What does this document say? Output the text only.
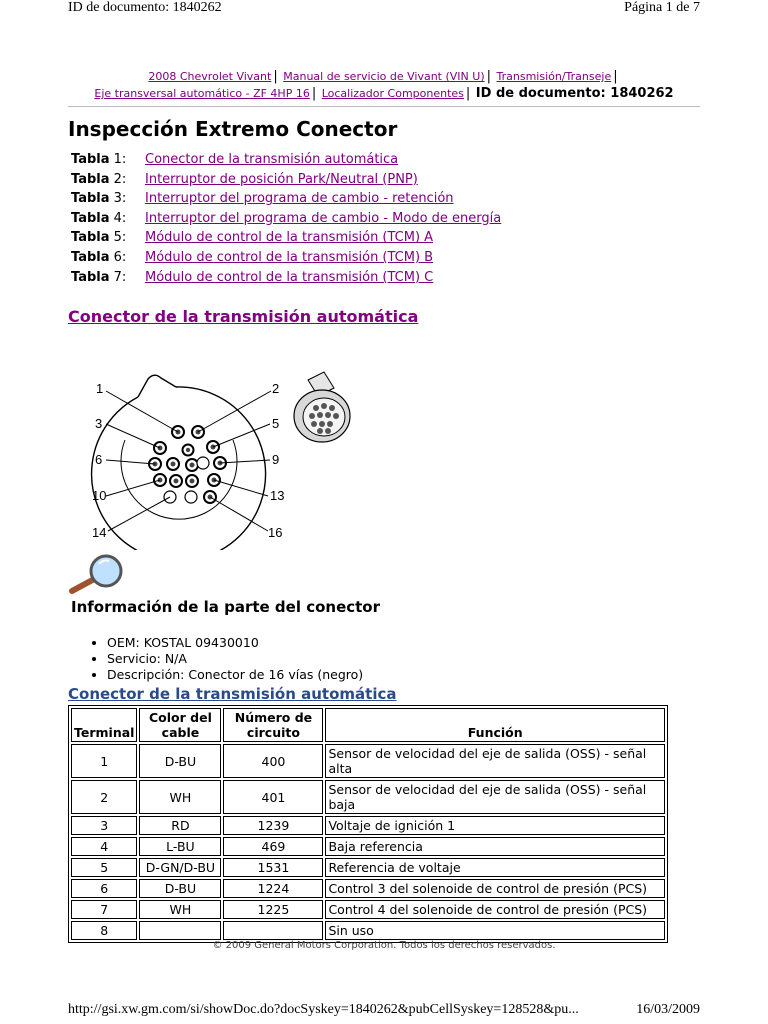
ID de documento: 1840262	Página 1 de 7
2008 Chevrolet Vivant | Manual de servicio de Vivant (VIN U) | Transmisión/Transeje |
Eje transversal automático - ZF 4HP 16 | Localizador Componentes | ID de documento: 1840262
Inspección Extremo Conector
Tabla 1: Conector de la transmisión automática
Tabla 2: Interruptor de posición Park/Neutral (PNP)
Tabla 3: Interruptor del programa de cambio - retención
Tabla 4: Interruptor del programa de cambio - Modo de energía
Tabla 5: Módulo de control de la transmisión (TCM) A
Tabla 6: Módulo de control de la transmisión (TCM) B
Tabla 7: Módulo de control de la transmisión (TCM) C
Conector de la transmisión automática
1	2
3	5
6	9
10	13
14	16
Información de la parte del conector
• OEM: KOSTAL 09430010
• Servicio: N/A
• Descripción: Conector de 16 vías (negro)
Conector de la transmisión automática
Terminal	Color del cable	Número de circuito	Función
1	D-BU	400	Sensor de velocidad del eje de salida (OSS) - señal alta
2	WH	401	Sensor de velocidad del eje de salida (OSS) - señal baja
3	RD	1239	Voltaje de ignición 1
4	L-BU	469	Baja referencia
5	D-GN/D-BU	1531	Referencia de voltaje
6	D-BU	1224	Control 3 del solenoide de control de presión (PCS)
7	WH	1225	Control 4 del solenoide de control de presión (PCS)
8			Sin uso
© 2009 General Motors Corporation. Todos los derechos reservados.
http://gsi.xw.gm.com/si/showDoc.do?docSyskey=1840262&pubCellSyskey=128528&pu...	16/03/2009
